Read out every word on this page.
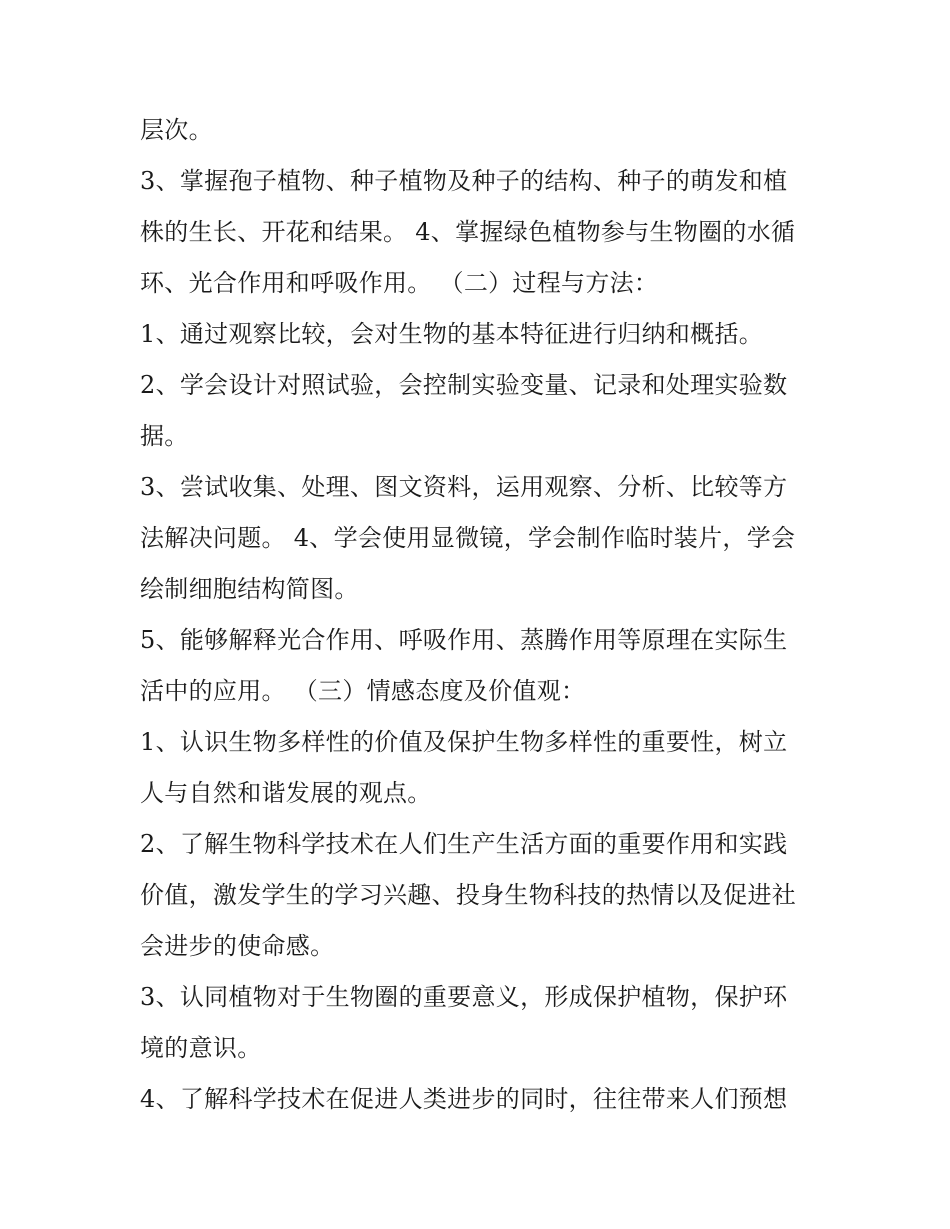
层次。
3、掌握孢子植物、种子植物及种子的结构、种子的萌发和植
株的生长、开花和结果。 4、掌握绿色植物参与生物圈的水循
环、光合作用和呼吸作用。 （二）过程与方法：
1、通过观察比较，会对生物的基本特征进行归纳和概括。
2、学会设计对照试验，会控制实验变量、记录和处理实验数
据。
3、尝试收集、处理、图文资料，运用观察、分析、比较等方
法解决问题。 4、学会使用显微镜，学会制作临时装片，学会
绘制细胞结构简图。
5、能够解释光合作用、呼吸作用、蒸腾作用等原理在实际生
活中的应用。 （三）情感态度及价值观：
1、认识生物多样性的价值及保护生物多样性的重要性，树立
人与自然和谐发展的观点。
2、了解生物科学技术在人们生产生活方面的重要作用和实践
价值，激发学生的学习兴趣、投身生物科技的热情以及促进社
会进步的使命感。
3、认同植物对于生物圈的重要意义，形成保护植物，保护环
境的意识。
4、了解科学技术在促进人类进步的同时，往往带来人们预想
